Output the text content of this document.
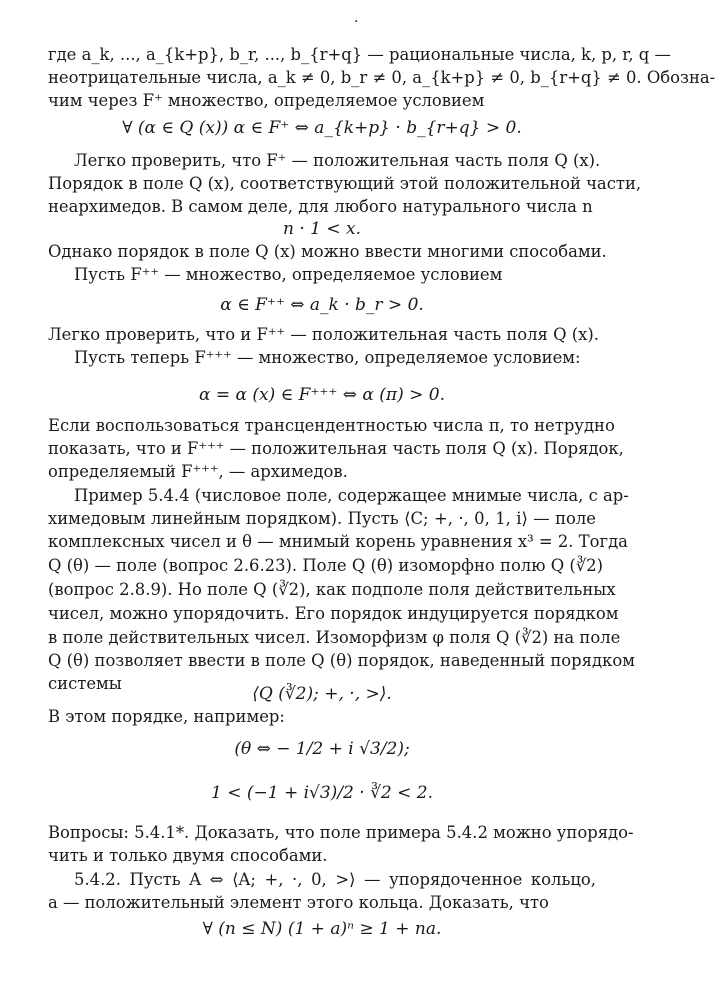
·
где a_k, ..., a_{k+p}, b_r, ..., b_{r+q} — рациональные числа, k, p, r, q —
неотрицательные числа, a_k ≠ 0, b_r ≠ 0, a_{k+p} ≠ 0, b_{r+q} ≠ 0. Обозна-
чим через F⁺ множество, определяемое условием
∀ (α ∈ Q (x)) α ∈ F⁺ ⇔ a_{k+p} · b_{r+q} > 0.
Легко проверить, что F⁺ — положительная часть поля Q (x).
Порядок в поле Q (x), соответствующий этой положительной части,
неархимедов. В самом деле, для любого натурального числа n
n · 1 < x.
Однако порядок в поле Q (x) можно ввести многими способами.
Пусть F⁺⁺ — множество, определяемое условием
α ∈ F⁺⁺ ⇔ a_k · b_r > 0.
Легко проверить, что и F⁺⁺ — положительная часть поля Q (x).
Пусть теперь F⁺⁺⁺ — множество, определяемое условием:
α = α (x) ∈ F⁺⁺⁺ ⇔ α (π) > 0.
Если воспользоваться трансцендентностью числа π, то нетрудно
показать, что и F⁺⁺⁺ — положительная часть поля Q (x). Порядок,
определяемый F⁺⁺⁺, — архимедов.
Пример 5.4.4 (числовое поле, содержащее мнимые числа, с ар-
химедовым линейным порядком). Пусть ⟨C; +, ·, 0, 1, i⟩ — поле
комплексных чисел и θ — мнимый корень уравнения x³ = 2. Тогда
Q (θ) — поле (вопрос 2.6.23). Поле Q (θ) изоморфно полю Q (∛2)
(вопрос 2.8.9). Но поле Q (∛2), как подполе поля действительных
чисел, можно упорядочить. Его порядок индуцируется порядком
в поле действительных чисел. Изоморфизм φ поля Q (∛2) на поле
Q (θ) позволяет ввести в поле Q (θ) порядок, наведенный порядком
системы
⟨Q (∛2); +, ·, >⟩.
В этом порядке, например:
(θ ⇔ − 1/2 + i √3/2);
1 < (−1 + i√3)/2 · ∛2 < 2.
Вопросы: 5.4.1*. Доказать, что поле примера 5.4.2 можно упорядо-
чить и только двумя способами.
5.4.2. Пусть A ⇔ ⟨A; +, ·, 0, >⟩ — упорядоченное кольцо,
a — положительный элемент этого кольца. Доказать, что
∀ (n ≤ N) (1 + a)ⁿ ≥ 1 + na.
